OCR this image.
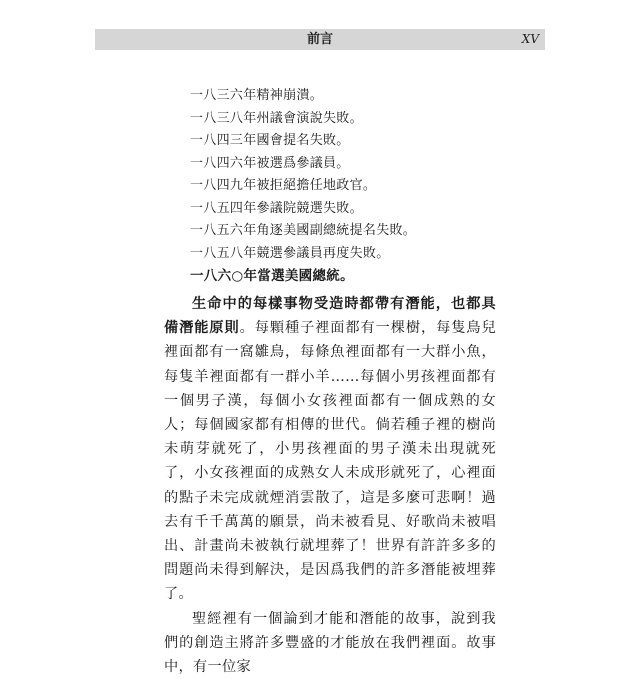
前言	XV
一八三六年精神崩潰。
一八三八年州議會演說失敗。
一八四三年國會提名失敗。
一八四六年被選爲參議員。
一八四九年被拒絕擔任地政官。
一八五四年參議院競選失敗。
一八五六年角逐美國副總統提名失敗。
一八五八年競選參議員再度失敗。
一八六○年當選美國總統。

生命中的每樣事物受造時都帶有潛能，也都具備潛能原則。每顆種子裡面都有一棵樹，每隻鳥兒裡面都有一窩雛鳥，每條魚裡面都有一大群小魚，每隻羊裡面都有一群小羊……每個小男孩裡面都有一個男子漢，每個小女孩裡面都有一個成熟的女人；每個國家都有相傳的世代。倘若種子裡的樹尚未萌芽就死了，小男孩裡面的男子漢未出現就死了，小女孩裡面的成熟女人未成形就死了，心裡面的點子未完成就煙消雲散了，這是多麼可悲啊！過去有千千萬萬的願景，尚未被看見、好歌尚未被唱出、計畫尚未被執行就埋葬了！世界有許許多多的問題尚未得到解決，是因爲我們的許多潛能被埋葬了。

聖經裡有一個論到才能和潛能的故事，說到我們的創造主將許多豐盛的才能放在我們裡面。故事中，有一位家
